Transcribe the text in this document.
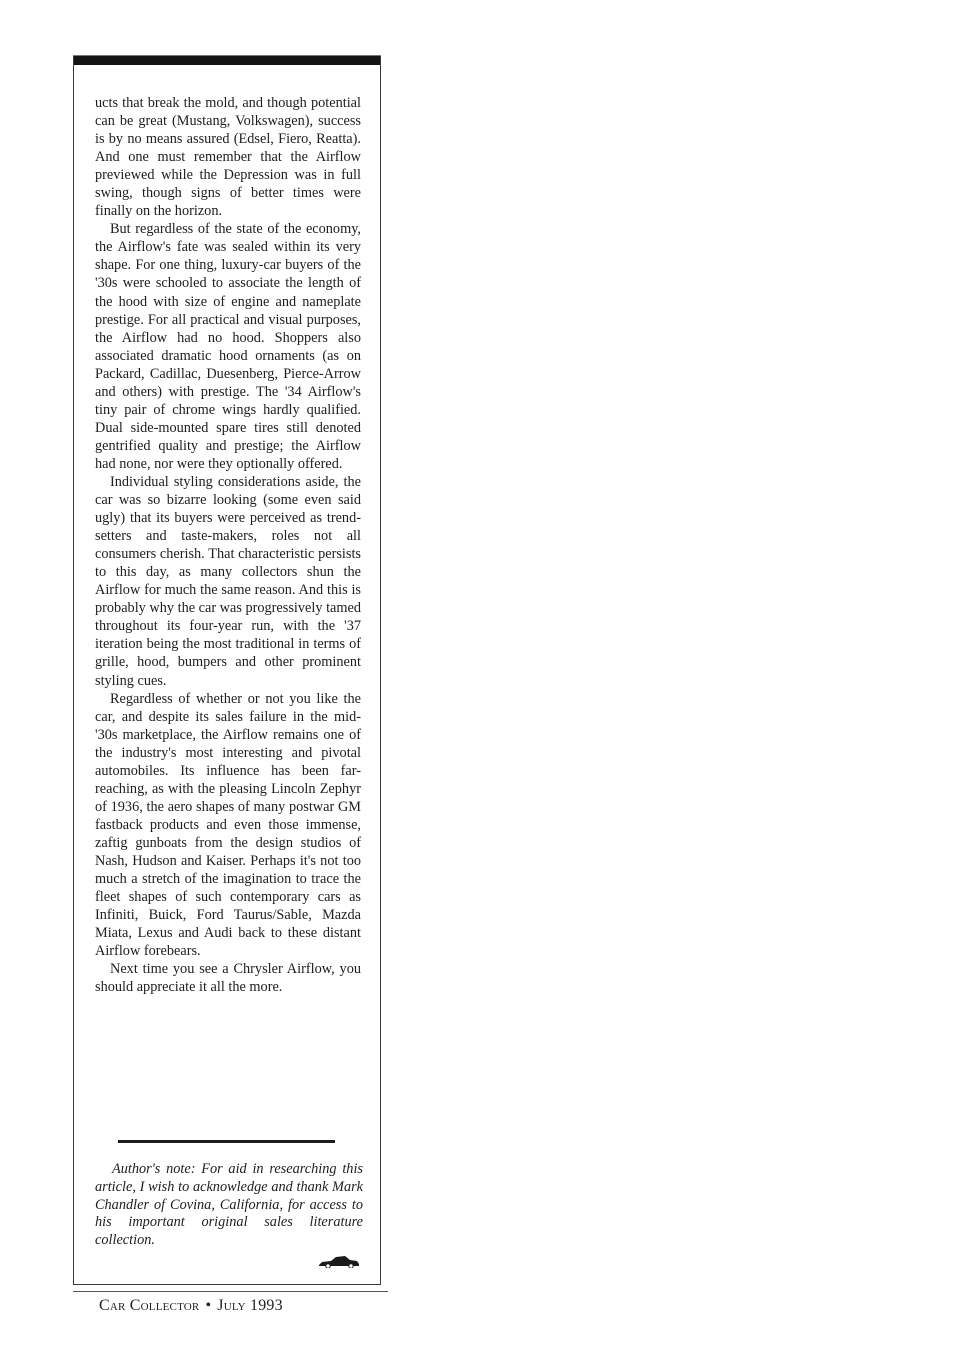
ucts that break the mold, and though potential can be great (Mustang, Volkswagen), success is by no means assured (Edsel, Fiero, Reatta). And one must remember that the Airflow previewed while the Depression was in full swing, though signs of better times were finally on the horizon.

But regardless of the state of the economy, the Airflow's fate was sealed within its very shape. For one thing, luxury-car buyers of the '30s were schooled to associate the length of the hood with size of engine and nameplate prestige. For all practical and visual purposes, the Airflow had no hood. Shoppers also associated dramatic hood ornaments (as on Packard, Cadillac, Duesenberg, Pierce-Arrow and others) with prestige. The '34 Airflow's tiny pair of chrome wings hardly qualified. Dual side-mounted spare tires still denoted gentrified quality and prestige; the Airflow had none, nor were they optionally offered.

Individual styling considerations aside, the car was so bizarre looking (some even said ugly) that its buyers were perceived as trend-setters and taste-makers, roles not all consumers cherish. That characteristic persists to this day, as many collectors shun the Airflow for much the same reason. And this is probably why the car was progressively tamed throughout its four-year run, with the '37 iteration being the most traditional in terms of grille, hood, bumpers and other prominent styling cues.

Regardless of whether or not you like the car, and despite its sales failure in the mid-'30s marketplace, the Airflow remains one of the industry's most interesting and pivotal automobiles. Its influence has been far-reaching, as with the pleasing Lincoln Zephyr of 1936, the aero shapes of many postwar GM fastback products and even those immense, zaftig gunboats from the design studios of Nash, Hudson and Kaiser. Perhaps it's not too much a stretch of the imagination to trace the fleet shapes of such contemporary cars as Infiniti, Buick, Ford Taurus/Sable, Mazda Miata, Lexus and Audi back to these distant Airflow forebears.

Next time you see a Chrysler Airflow, you should appreciate it all the more.

Author's note: For aid in researching this article, I wish to acknowledge and thank Mark Chandler of Covina, California, for access to his important original sales literature collection.

Car Collector • July 1993
